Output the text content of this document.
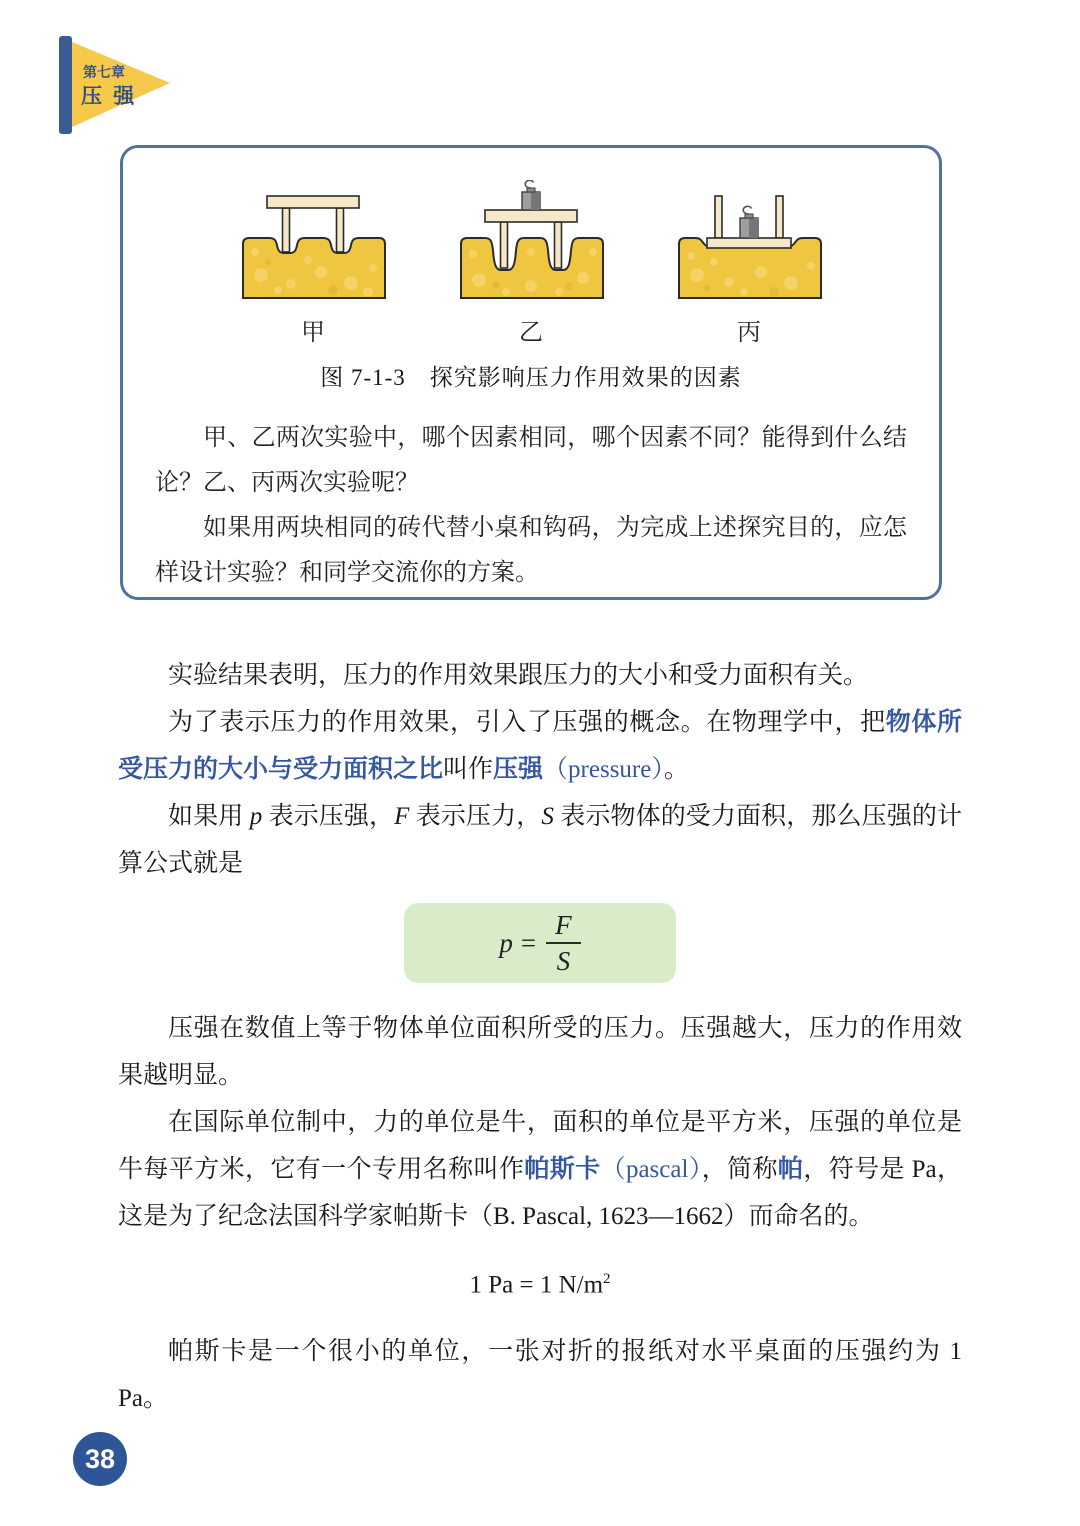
第七章
压 强
甲	乙	丙
图 7-1-3　探究影响压力作用效果的因素

甲、乙两次实验中，哪个因素相同，哪个因素不同？能得到什么结论？乙、丙两次实验呢？

如果用两块相同的砖代替小桌和钩码，为完成上述探究目的，应怎样设计实验？和同学交流你的方案。

实验结果表明，压力的作用效果跟压力的大小和受力面积有关。

为了表示压力的作用效果，引入了压强的概念。在物理学中，把物体所受压力的大小与受力面积之比叫作压强（pressure）。

如果用 p 表示压强，F 表示压力，S 表示物体的受力面积，那么压强的计算公式就是

$p = \frac{F}{S}$

压强在数值上等于物体单位面积所受的压力。压强越大，压力的作用效果越明显。

在国际单位制中，力的单位是牛，面积的单位是平方米，压强的单位是牛每平方米，它有一个专用名称叫作帕斯卡（pascal），简称帕，符号是 Pa，这是为了纪念法国科学家帕斯卡（B. Pascal, 1623—1662）而命名的。

1 Pa = 1 $N/m^2$

帕斯卡是一个很小的单位，一张对折的报纸对水平桌面的压强约为 1 Pa。

38
